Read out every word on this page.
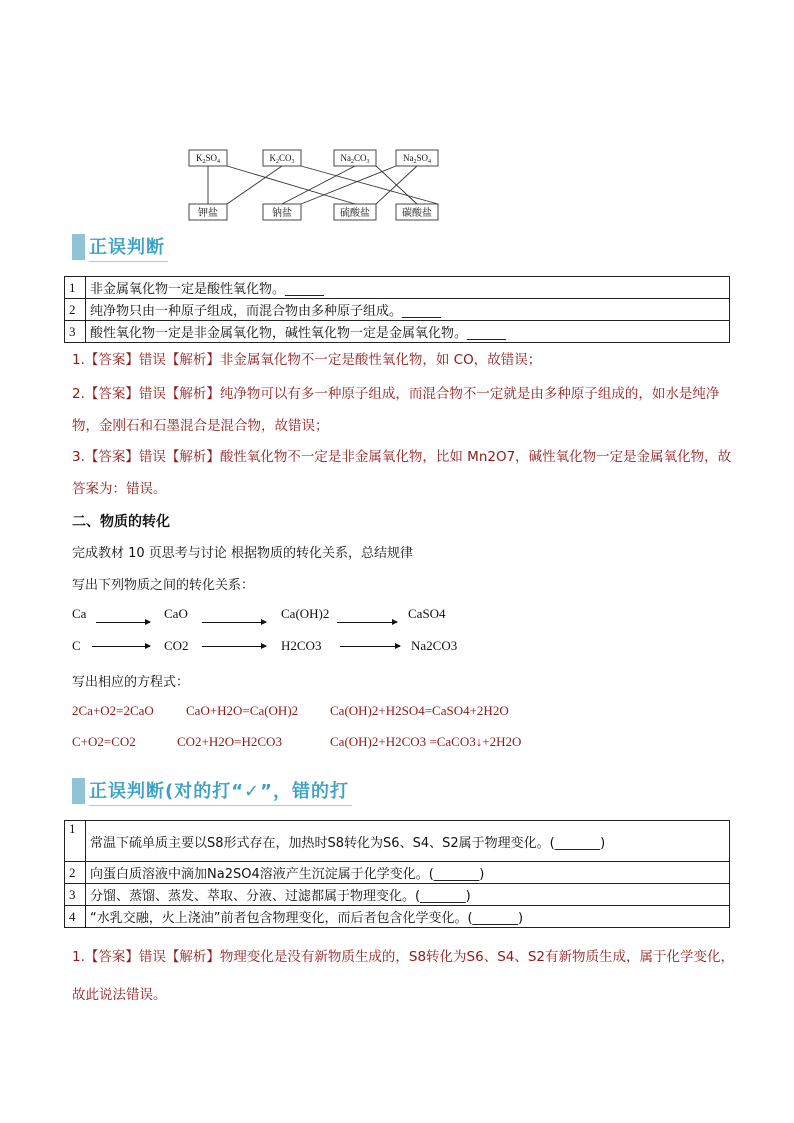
$K_2SO_4$	$K_2CO_3$	$Na_2CO_3$	$Na_2SO_4$
钾盐	钠盐	硫酸盐	碳酸盐
正误判断
1	非金属氧化物一定是酸性氧化物。______
2	纯净物只由一种原子组成，而混合物由多种原子组成。______
3	酸性氧化物一定是非金属氧化物，碱性氧化物一定是金属氧化物。______
1.【答案】错误【解析】非金属氧化物不一定是酸性氧化物，如 CO，故错误；
2.【答案】错误【解析】纯净物可以有多一种原子组成，而混合物不一定就是由多种原子组成的，如水是纯净物，金刚石和石墨混合是混合物，故错误；
3.【答案】错误【解析】酸性氧化物不一定是非金属氧化物，比如 Mn2O7，碱性氧化物一定是金属氧化物，故答案为：错误。
二、物质的转化
完成教材 10 页思考与讨论 根据物质的转化关系，总结规律
写出下列物质之间的转化关系：
Ca	CaO	Ca(OH)2	CaSO4
C	CO2	H2CO3	Na2CO3
写出相应的方程式：
2Ca+O2=2CaO CaO+H2O=Ca(OH)2 Ca(OH)2+H2SO4=CaSO4+2H2O
C+O2=CO2	CO2+H2O=H2CO3	Ca(OH)2+H2CO3 =CaCO3↓+2H2O
正误判断(对的打“✓”，错的打
1	常温下硫单质主要以S8形式存在，加热时S8转化为S6、S4、S2属于物理变化。(_______)
2	向蛋白质溶液中滴加Na2SO4溶液产生沉淀属于化学变化。(_______)
3	分馏、蒸馏、蒸发、萃取、分液、过滤都属于物理变化。(_______)
4	“水乳交融，火上浇油”前者包含物理变化，而后者包含化学变化。(_______)
1.【答案】错误【解析】物理变化是没有新物质生成的，S8转化为S6、S4、S2有新物质生成，属于化学变化，故此说法错误。
